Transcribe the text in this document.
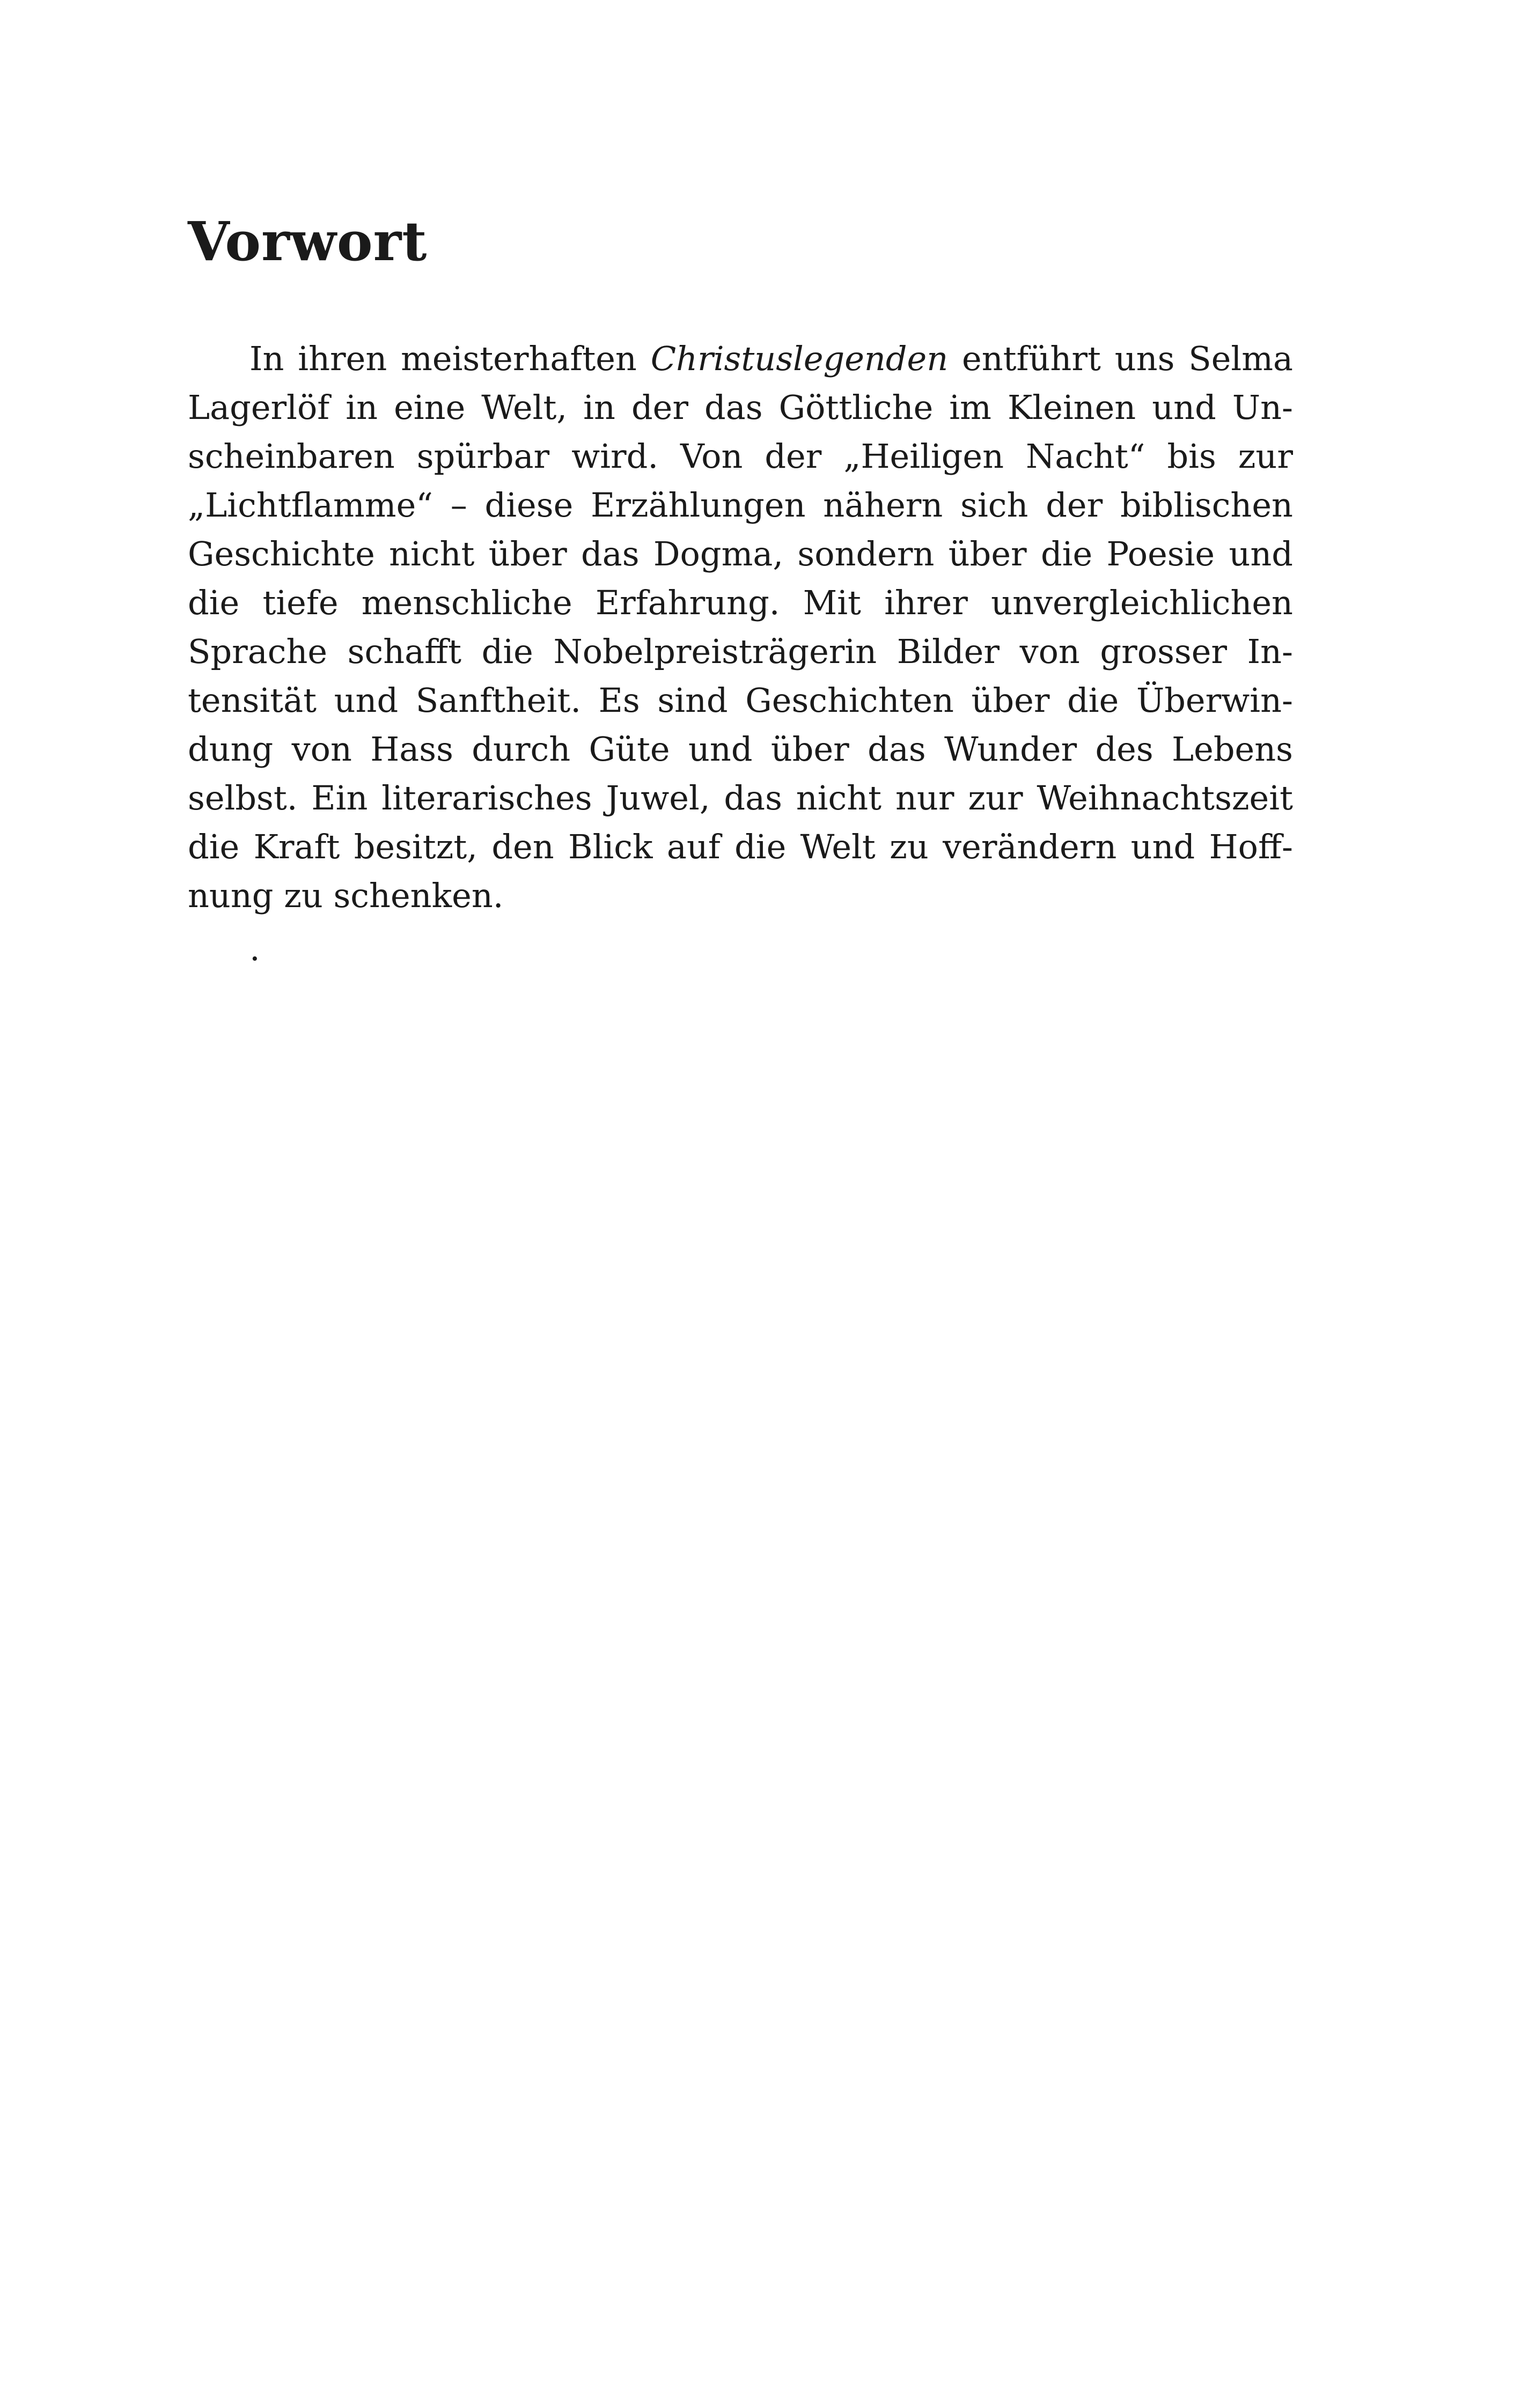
Vorwort

In ihren meisterhaften Christuslegenden entführt uns Selma Lagerlöf in eine Welt, in der das Göttliche im Kleinen und Unscheinbaren spürbar wird. Von der „Heiligen Nacht“ bis zur „Lichtflamme“ – diese Erzählungen nähern sich der biblischen Geschichte nicht über das Dogma, sondern über die Poesie und die tiefe menschliche Erfahrung. Mit ihrer unvergleichlichen Sprache schafft die Nobelpreisträgerin Bilder von grosser Intensität und Sanftheit. Es sind Geschichten über die Überwindung von Hass durch Güte und über das Wunder des Lebens selbst. Ein literarisches Juwel, das nicht nur zur Weihnachtszeit die Kraft besitzt, den Blick auf die Welt zu verändern und Hoffnung zu schenken.

.
